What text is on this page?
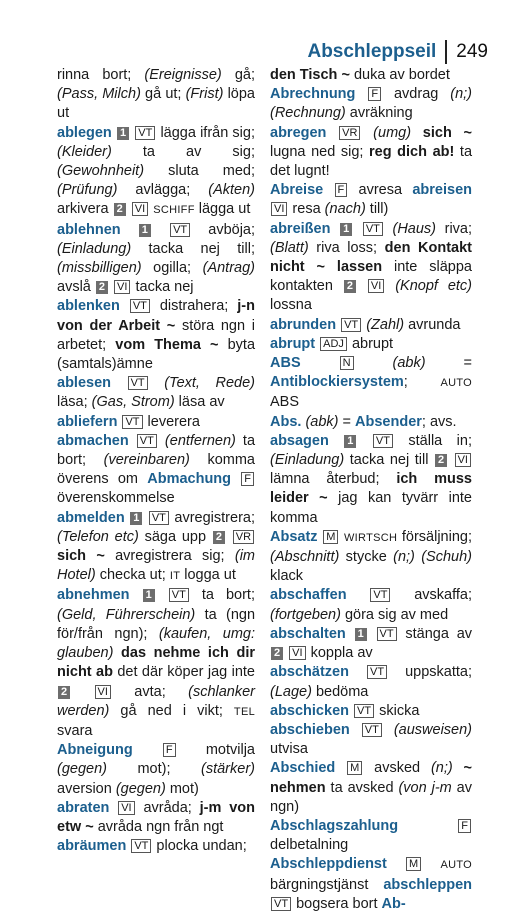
Abschleppseil 249

rinna bort; (Ereignisse) gå; (Pass, Milch) gå ut; (Frist) löpa ut

ablegen 1 VT lägga ifrån sig; (Kleider) ta av sig; (Gewohnheit) sluta med; (Prüfung) avlägga; (Akten) arkivera 2 VI SCHIFF lägga ut

ablehnen 1 VT avböja; (Einladung) tacka nej till; (missbilligen) ogilla; (Antrag) avslå 2 VI tacka nej

ablenken VT distrahera; j-n von der Arbeit ~ störa ngn i arbetet; vom Thema ~ byta (samtals)ämne

ablesen VT (Text, Rede) läsa; (Gas, Strom) läsa av

abliefern VT leverera

abmachen VT (entfernen) ta bort; (vereinbaren) komma överens om Abmachung F överenskommelse

abmelden 1 VT avregistrera; (Telefon etc) säga upp 2 VR sich ~ avregistrera sig; (im Hotel) checka ut; IT logga ut

abnehmen 1 VT ta bort; (Geld, Führerschein) ta (ngn för/från ngn); (kaufen, umg: glauben) das nehme ich dir nicht ab det där köper jag inte 2	VI avta; (schlanker werden) gå ned i vikt; TEL svara

Abneigung	F motvilja (gegen) mot); (stärker) aversion (gegen) mot)

abraten VI avråda; j-m von etw ~ avråda ngn från ngt

abräumen VT plocka undan;

den Tisch ~ duka av bordet

Abrechnung F avdrag (n;) (Rechnung) avräkning

abregen VR (umg) sich ~ lugna ned sig; reg dich ab! ta det lugnt!

Abreise F avresa abreisen VI resa (nach) till)

abreißen 1 VT (Haus) riva; (Blatt) riva loss; den Kontakt nicht ~ lassen inte släppa kontakten 2 VI (Knopf etc) lossna

abrunden VT (Zahl) avrunda

abrupt ADJ abrupt

ABS	N	(abk) = Antiblockiersystem; AUTO ABS

Abs. (abk) = Absender; avs.

absagen 1 VT ställa in; (Einladung) tacka nej till 2 VI lämna återbud; ich muss leider ~ jag kan tyvärr inte komma

Absatz M WIRTSCH försäljning; (Abschnitt) stycke (n;) (Schuh) klack

abschaffen VT avskaffa; (fortgeben) göra sig av med

abschalten 1 VT stänga av 2 VI koppla av

abschätzen VT uppskatta; (Lage) bedöma

abschicken VT skicka

abschieben VT (ausweisen) utvisa

Abschied M avsked (n;) ~ nehmen ta avsked (von j-m av ngn)

Abschlagszahlung	F delbetalning

Abschleppdienst M AUTO bärgningstjänst abschleppen VT bogsera bort Ab-
